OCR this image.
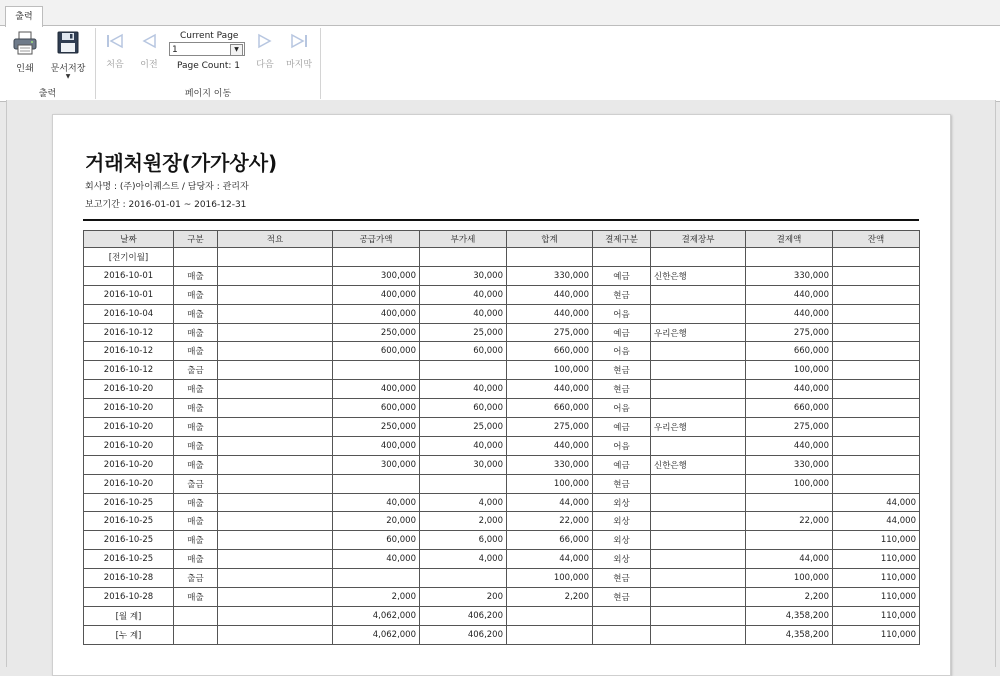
출력
인쇄	문서저장
▼
출력
처음	이전
Current Page
1	▼
Page Count: 1	다음	마지막
페이지 이동
거래처원장(가가상사)
회사명 : (주)아이퀘스트 / 담당자 : 관리자
보고기간 : 2016-01-01 ~ 2016-12-31
날짜	구분	적요	공급가액	부가세	합계	결제구분	결제장부	결제액	잔액
[전기이월]									
2016-10-01	매출		300,000	30,000	330,000	예금	신한은행	330,000	
2016-10-01	매출		400,000	40,000	440,000	현금		440,000	
2016-10-04	매출		400,000	40,000	440,000	어음		440,000	
2016-10-12	매출		250,000	25,000	275,000	예금	우리은행	275,000	
2016-10-12	매출		600,000	60,000	660,000	어음		660,000	
2016-10-12	출금				100,000	현금		100,000	
2016-10-20	매출		400,000	40,000	440,000	현금		440,000	
2016-10-20	매출		600,000	60,000	660,000	어음		660,000	
2016-10-20	매출		250,000	25,000	275,000	예금	우리은행	275,000	
2016-10-20	매출		400,000	40,000	440,000	어음		440,000	
2016-10-20	매출		300,000	30,000	330,000	예금	신한은행	330,000	
2016-10-20	출금				100,000	현금		100,000	
2016-10-25	매출		40,000	4,000	44,000	외상			44,000
2016-10-25	매출		20,000	2,000	22,000	외상		22,000	44,000
2016-10-25	매출		60,000	6,000	66,000	외상			110,000
2016-10-25	매출		40,000	4,000	44,000	외상		44,000	110,000
2016-10-28	출금				100,000	현금		100,000	110,000
2016-10-28	매출		2,000	200	2,200	현금		2,200	110,000
[월 계]			4,062,000	406,200				4,358,200	110,000
[누 계]			4,062,000	406,200				4,358,200	110,000
